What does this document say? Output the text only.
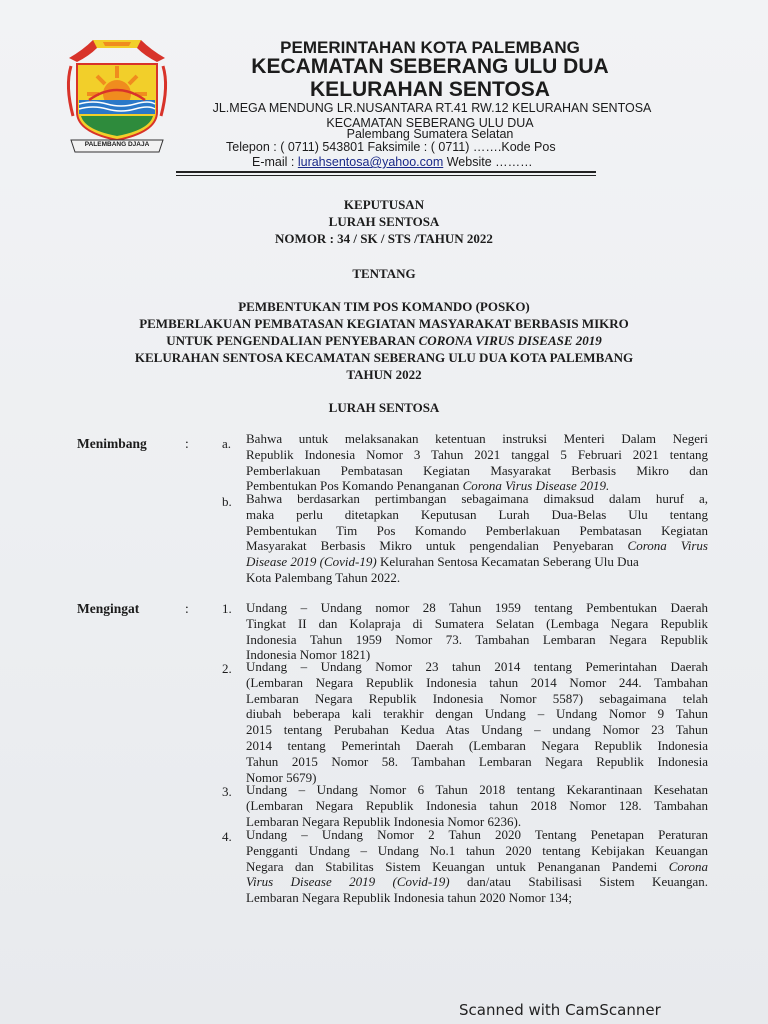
PALEMBANG DJAJA
PEMERINTAHAN KOTA PALEMBANG
KECAMATAN SEBERANG ULU DUA
KELURAHAN SENTOSA
JL.MEGA MENDUNG LR.NUSANTARA RT.41 RW.12 KELURAHAN SENTOSA
KECAMATAN SEBERANG ULU DUA
Palembang Sumatera Selatan
Telepon : ( 0711) 543801 Faksimile : ( 0711) …….Kode Pos
E-mail : lurahsentosa@yahoo.com Website ………
KEPUTUSAN
LURAH SENTOSA
NOMOR : 34 / SK / STS /TAHUN 2022
TENTANG
PEMBENTUKAN TIM POS KOMANDO (POSKO)
PEMBERLAKUAN PEMBATASAN KEGIATAN MASYARAKAT BERBASIS MIKRO
UNTUK PENGENDALIAN PENYEBARAN CORONA VIRUS DISEASE 2019
KELURAHAN SENTOSA KECAMATAN SEBERANG ULU DUA KOTA PALEMBANG
TAHUN 2022
LURAH SENTOSA
Menimbang	:	a. Bahwa untuk melaksanakan ketentuan instruksi Menteri Dalam Negeri
Republik Indonesia Nomor 3 Tahun 2021 tanggal 5 Februari 2021 tentang
Pemberlakuan Pembatasan Kegiatan Masyarakat Berbasis Mikro dan
Pembentukan Pos Komando Penanganan Corona Virus Disease 2019.
b. Bahwa berdasarkan pertimbangan sebagaimana dimaksud dalam huruf a,
maka perlu ditetapkan Keputusan Lurah Dua-Belas Ulu tentang
Pembentukan Tim Pos Komando Pemberlakuan Pembatasan Kegiatan
Masyarakat Berbasis Mikro untuk pengendalian Penyebaran Corona Virus
Disease 2019 (Covid-19) Kelurahan Sentosa Kecamatan Seberang Ulu Dua
Kota Palembang Tahun 2022.
Mengingat	:	1. Undang – Undang nomor 28 Tahun 1959 tentang Pembentukan Daerah
Tingkat II dan Kolapraja di Sumatera Selatan (Lembaga Negara Republik
Indonesia Tahun 1959 Nomor 73. Tambahan Lembaran Negara Republik
Indonesia Nomor 1821)
2. Undang – Undang Nomor 23 tahun 2014 tentang Pemerintahan Daerah
(Lembaran Negara Republik Indonesia tahun 2014 Nomor 244. Tambahan
Lembaran Negara Republik Indonesia Nomor 5587) sebagaimana telah
diubah beberapa kali terakhir dengan Undang – Undang Nomor 9 Tahun
2015 tentang Perubahan Kedua Atas Undang – undang Nomor 23 Tahun
2014 tentang Pemerintah Daerah (Lembaran Negara Republik Indonesia
Tahun 2015 Nomor 58. Tambahan Lembaran Negara Republik Indonesia
Nomor 5679)
3. Undang – Undang Nomor 6 Tahun 2018 tentang Kekarantinaan Kesehatan
(Lembaran Negara Republik Indonesia tahun 2018 Nomor 128. Tambahan
Lembaran Negara Republik Indonesia Nomor 6236).
4. Undang – Undang Nomor 2 Tahun 2020 Tentang Penetapan Peraturan
Pengganti Undang – Undang No.1 tahun 2020 tentang Kebijakan Keuangan
Negara dan Stabilitas Sistem Keuangan untuk Penanganan Pandemi Corona
Virus Disease 2019 (Covid-19) dan/atau Stabilisasi Sistem Keuangan.
Lembaran Negara Republik Indonesia tahun 2020 Nomor 134;
Scanned with CamScanner
